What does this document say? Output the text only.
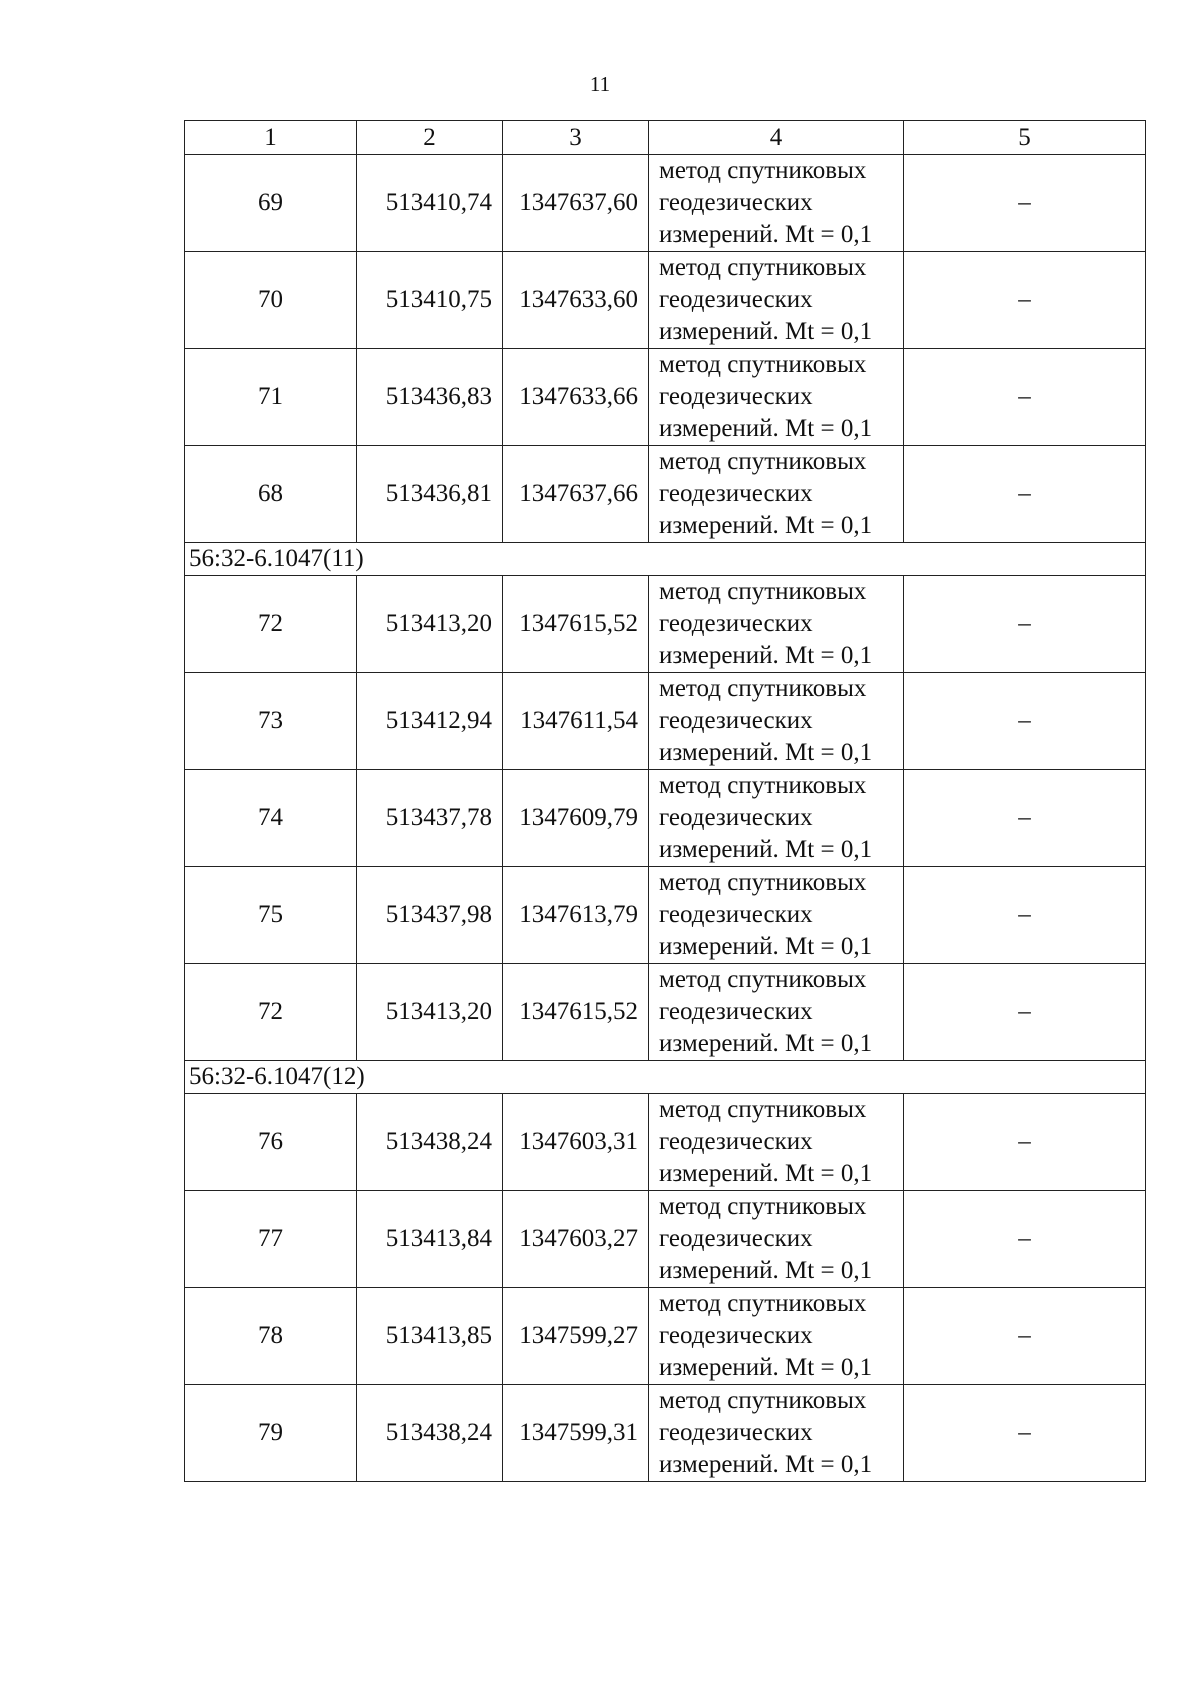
11
1	2	3	4	5
69	513410,74	1347637,60	метод спутниковых
геодезических
измерений. Mt = 0,1	–
70	513410,75	1347633,60	метод спутниковых
геодезических
измерений. Mt = 0,1	–
71	513436,83	1347633,66	метод спутниковых
геодезических
измерений. Mt = 0,1	–
68	513436,81	1347637,66	метод спутниковых
геодезических
измерений. Mt = 0,1	–
56:32-6.1047(11)				
72	513413,20	1347615,52	метод спутниковых
геодезических
измерений. Mt = 0,1	–
73	513412,94	1347611,54	метод спутниковых
геодезических
измерений. Mt = 0,1	–
74	513437,78	1347609,79	метод спутниковых
геодезических
измерений. Mt = 0,1	–
75	513437,98	1347613,79	метод спутниковых
геодезических
измерений. Mt = 0,1	–
72	513413,20	1347615,52	метод спутниковых
геодезических
измерений. Mt = 0,1	–
56:32-6.1047(12)				
76	513438,24	1347603,31	метод спутниковых
геодезических
измерений. Mt = 0,1	–
77	513413,84	1347603,27	метод спутниковых
геодезических
измерений. Mt = 0,1	–
78	513413,85	1347599,27	метод спутниковых
геодезических
измерений. Mt = 0,1	–
79	513438,24	1347599,31	метод спутниковых
геодезических
измерений. Mt = 0,1	–
